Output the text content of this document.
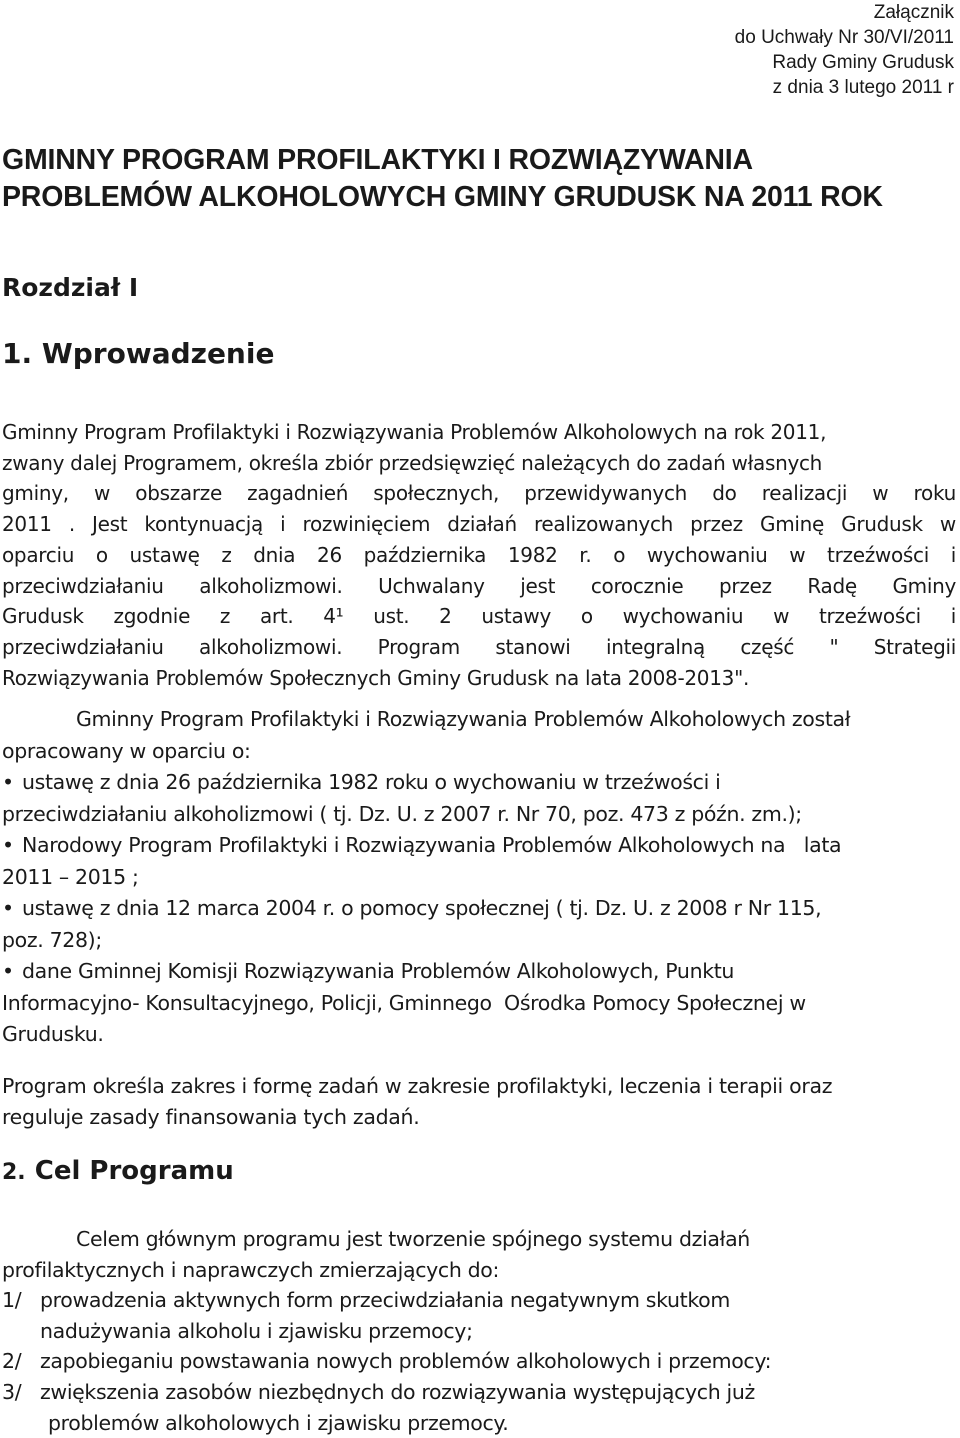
Załącznik
do Uchwały Nr 30/VI/2011
Rady Gminy Grudusk
z dnia 3 lutego 2011 r
GMINNY PROGRAM PROFILAKTYKI I ROZWIĄZYWANIA
PROBLEMÓW ALKOHOLOWYCH GMINY GRUDUSK NA 2011 ROK
Rozdział I
1. Wprowadzenie
Gminny Program Profilaktyki i Rozwiązywania Problemów Alkoholowych na rok 2011,
zwany dalej Programem, określa zbiór przedsięwzięć należących do zadań własnych
gminy, w obszarze zagadnień społecznych, przewidywanych do realizacji w roku
2011 . Jest kontynuacją i rozwinięciem działań realizowanych przez Gminę Grudusk w
oparciu o ustawę z dnia 26 października 1982 r. o wychowaniu w trzeźwości i
przeciwdziałaniu alkoholizmowi. Uchwalany jest corocznie przez Radę Gminy
Grudusk zgodnie z art. 4¹ ust. 2 ustawy o wychowaniu w trzeźwości i
przeciwdziałaniu alkoholizmowi. Program stanowi integralną część " Strategii
Rozwiązywania Problemów Społecznych Gminy Grudusk na lata 2008-2013".
Gminny Program Profilaktyki i Rozwiązywania Problemów Alkoholowych został
opracowany w oparciu o:
• ustawę z dnia 26 października 1982 roku o wychowaniu w trzeźwości i
przeciwdziałaniu alkoholizmowi ( tj. Dz. U. z 2007 r. Nr 70, poz. 473 z późn. zm.);
• Narodowy Program Profilaktyki i Rozwiązywania Problemów Alkoholowych na   lata
2011 – 2015 ;
• ustawę z dnia 12 marca 2004 r. o pomocy społecznej ( tj. Dz. U. z 2008 r Nr 115,
poz. 728);
• dane Gminnej Komisji Rozwiązywania Problemów Alkoholowych, Punktu
Informacyjno- Konsultacyjnego, Policji, Gminnego  Ośrodka Pomocy Społecznej w
Grudusku.
Program określa zakres i formę zadań w zakresie profilaktyki, leczenia i terapii oraz
reguluje zasady finansowania tych zadań.
2. Cel Programu
Celem głównym programu jest tworzenie spójnego systemu działań
profilaktycznych i naprawczych zmierzających do:
1/ prowadzenia aktywnych form przeciwdziałania negatywnym skutkom
nadużywania alkoholu i zjawisku przemocy;
2/ zapobieganiu powstawania nowych problemów alkoholowych i przemocy:
3/ zwiększenia zasobów niezbędnych do rozwiązywania występujących już
problemów alkoholowych i zjawisku przemocy.
